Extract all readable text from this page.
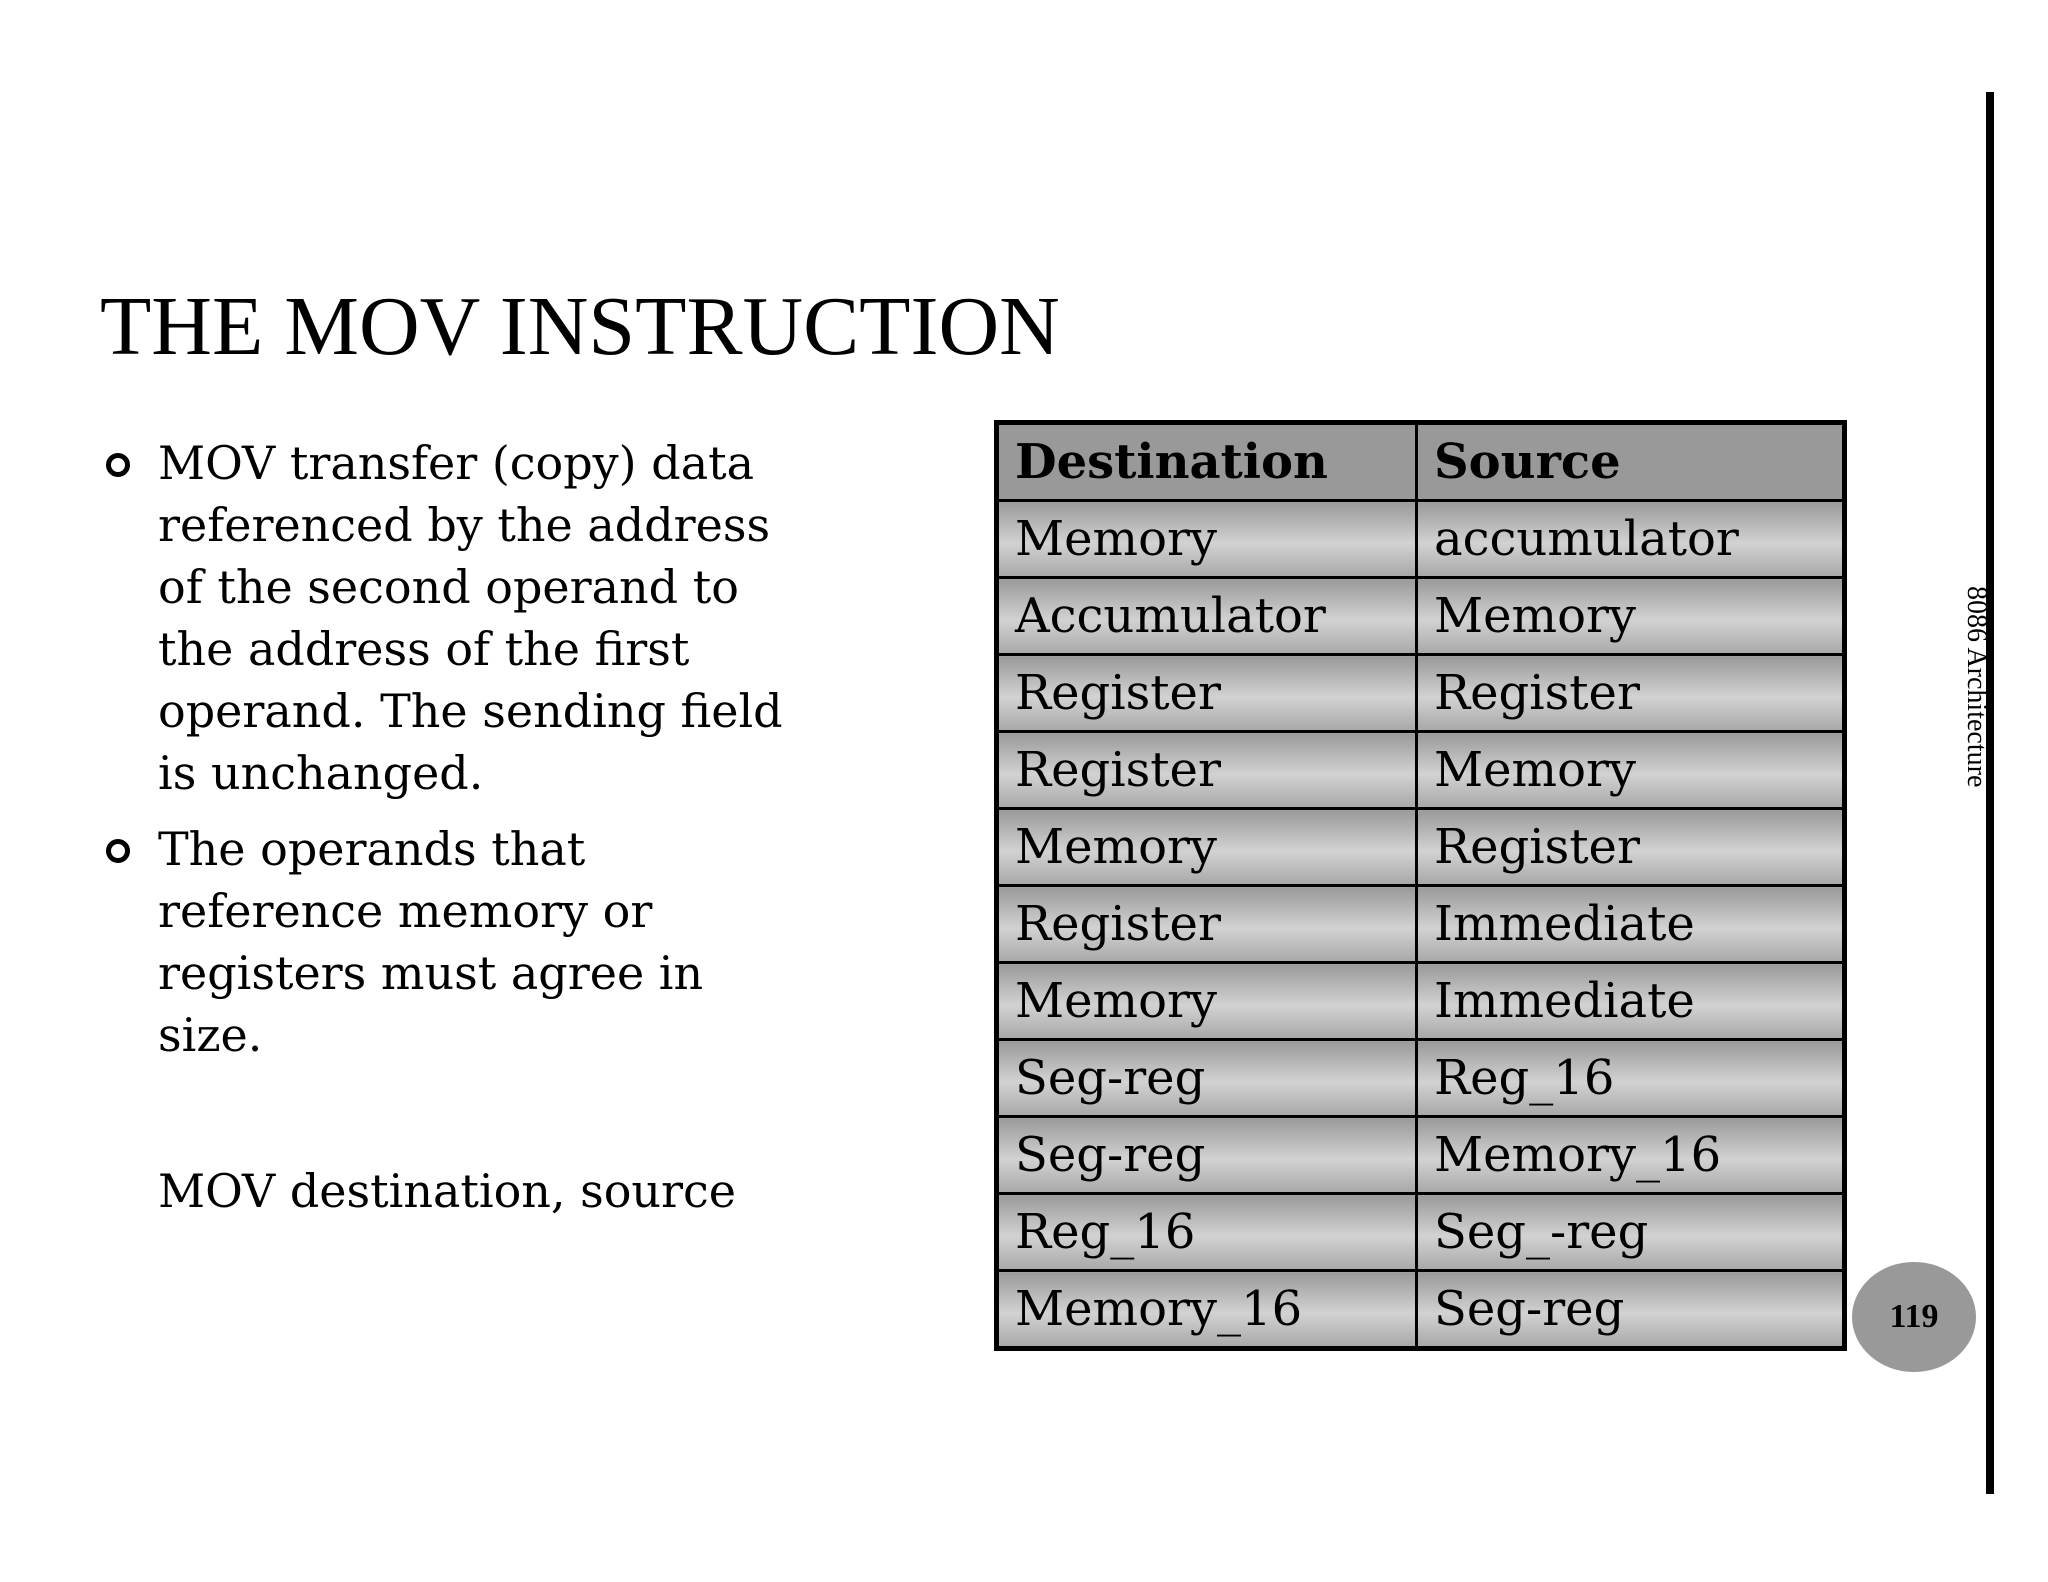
THE MOV INSTRUCTION
MOV transfer (copy) data referenced by the address of the second operand to the address of the first operand. The sending field is unchanged.
The operands that reference memory or registers must agree in size.
MOV destination, source
Destination	Source
Memory	accumulator
Accumulator	Memory
Register	Register
Register	Memory
Memory	Register
Register	Immediate
Memory	Immediate
Seg-reg	Reg_16
Seg-reg	Memory_16
Reg_16	Seg_-reg
Memory_16	Seg-reg
8086 Architecture
119
